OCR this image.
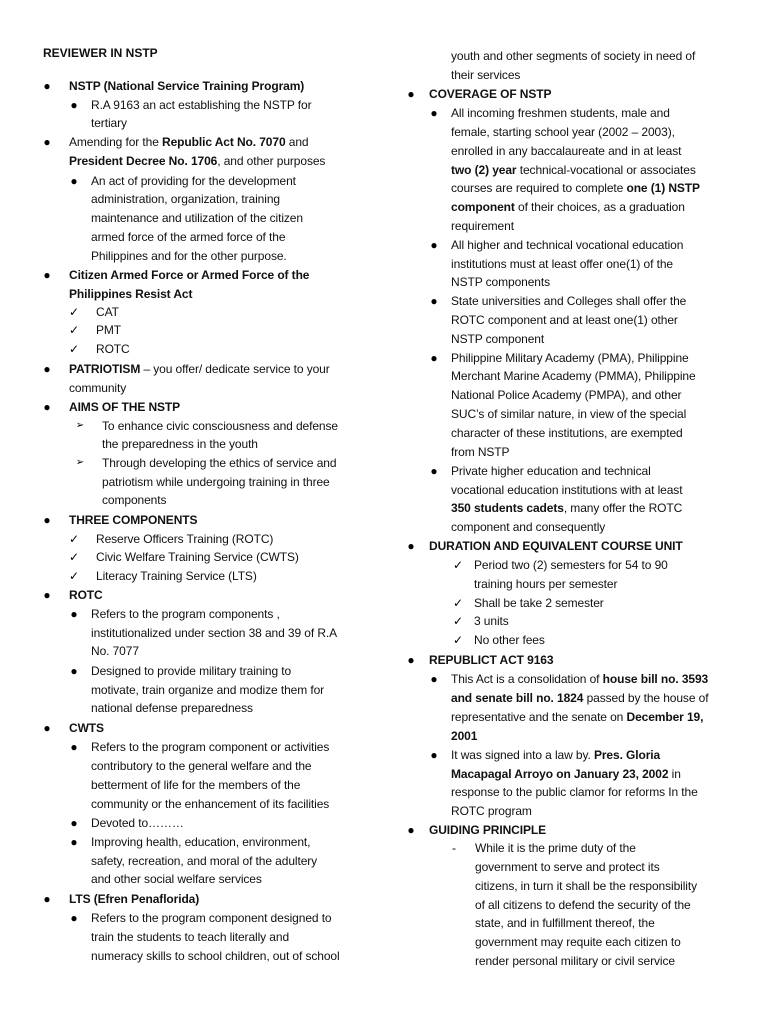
REVIEWER IN NSTP
● NSTP (National Service Training Program)
● R.A 9163 an act establishing the NSTP for
tertiary
● Amending for the Republic Act No. 7070 and
President Decree No. 1706, and other purposes
● An act of providing for the development
administration, organization, training
maintenance and utilization of the citizen
armed force of the armed force of the
Philippines and for the other purpose.
● Citizen Armed Force or Armed Force of the
Philippines Resist Act
✓ CAT
✓ PMT
✓ ROTC
● PATRIOTISM – you offer/ dedicate service to your
community
● AIMS OF THE NSTP
➢ To enhance civic consciousness and defense
the preparedness in the youth
➢ Through developing the ethics of service and
patriotism while undergoing training in three
components
● THREE COMPONENTS
✓ Reserve Officers Training (ROTC)
✓ Civic Welfare Training Service (CWTS)
✓ Literacy Training Service (LTS)
● ROTC
● Refers to the program components ,
institutionalized under section 38 and 39 of R.A
No. 7077
● Designed to provide military training to
motivate, train organize and modize them for
national defense preparedness
● CWTS
● Refers to the program component or activities
contributory to the general welfare and the
betterment of life for the members of the
community or the enhancement of its facilities
● Devoted to………
● Improving health, education, environment,
safety, recreation, and moral of the adultery
and other social welfare services
● LTS (Efren Penaflorida)
● Refers to the program component designed to
train the students to teach literally and
numeracy skills to school children, out of school
youth and other segments of society in need of
their services
● COVERAGE OF NSTP
● All incoming freshmen students, male and
female, starting school year (2002 – 2003),
enrolled in any baccalaureate and in at least
two (2) year technical-vocational or associates
courses are required to complete one (1) NSTP
component of their choices, as a graduation
requirement
● All higher and technical vocational education
institutions must at least offer one(1) of the
NSTP components
● State universities and Colleges shall offer the
ROTC component and at least one(1) other
NSTP component
● Philippine Military Academy (PMA), Philippine
Merchant Marine Academy (PMMA), Philippine
National Police Academy (PMPA), and other
SUC’s of similar nature, in view of the special
character of these institutions, are exempted
from NSTP
● Private higher education and technical
vocational education institutions with at least
350 students cadets, many offer the ROTC
component and consequently
● DURATION AND EQUIVALENT COURSE UNIT
✓ Period two (2) semesters for 54 to 90
training hours per semester
✓ Shall be take 2 semester
✓ 3 units
✓ No other fees
● REPUBLICT ACT 9163
● This Act is a consolidation of house bill no. 3593
and senate bill no. 1824 passed by the house of
representative and the senate on December 19,
2001
● It was signed into a law by. Pres. Gloria
Macapagal Arroyo on January 23, 2002 in
response to the public clamor for reforms In the
ROTC program
● GUIDING PRINCIPLE
-	While it is the prime duty of the
government to serve and protect its
citizens, in turn it shall be the responsibility
of all citizens to defend the security of the
state, and in fulfillment thereof, the
government may requite each citizen to
render personal military or civil service
